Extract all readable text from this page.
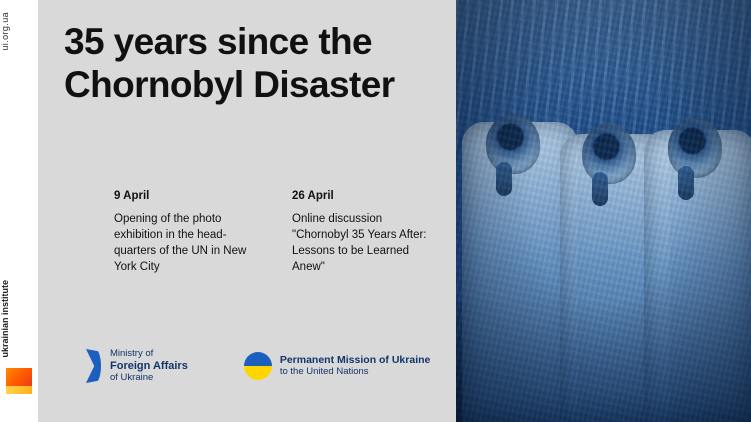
ui.org.ua
ukrainian institute
35 years since the Chornobyl Disaster
9 April
Opening of the photo exhibition in the head-quarters of the UN in New York City
26 April
Online discussion "Chornobyl 35 Years After: Lessons to be Learned Anew"
Ministry of
Foreign Affairs
of Ukraine
Permanent Mission of Ukraine
to the United Nations
